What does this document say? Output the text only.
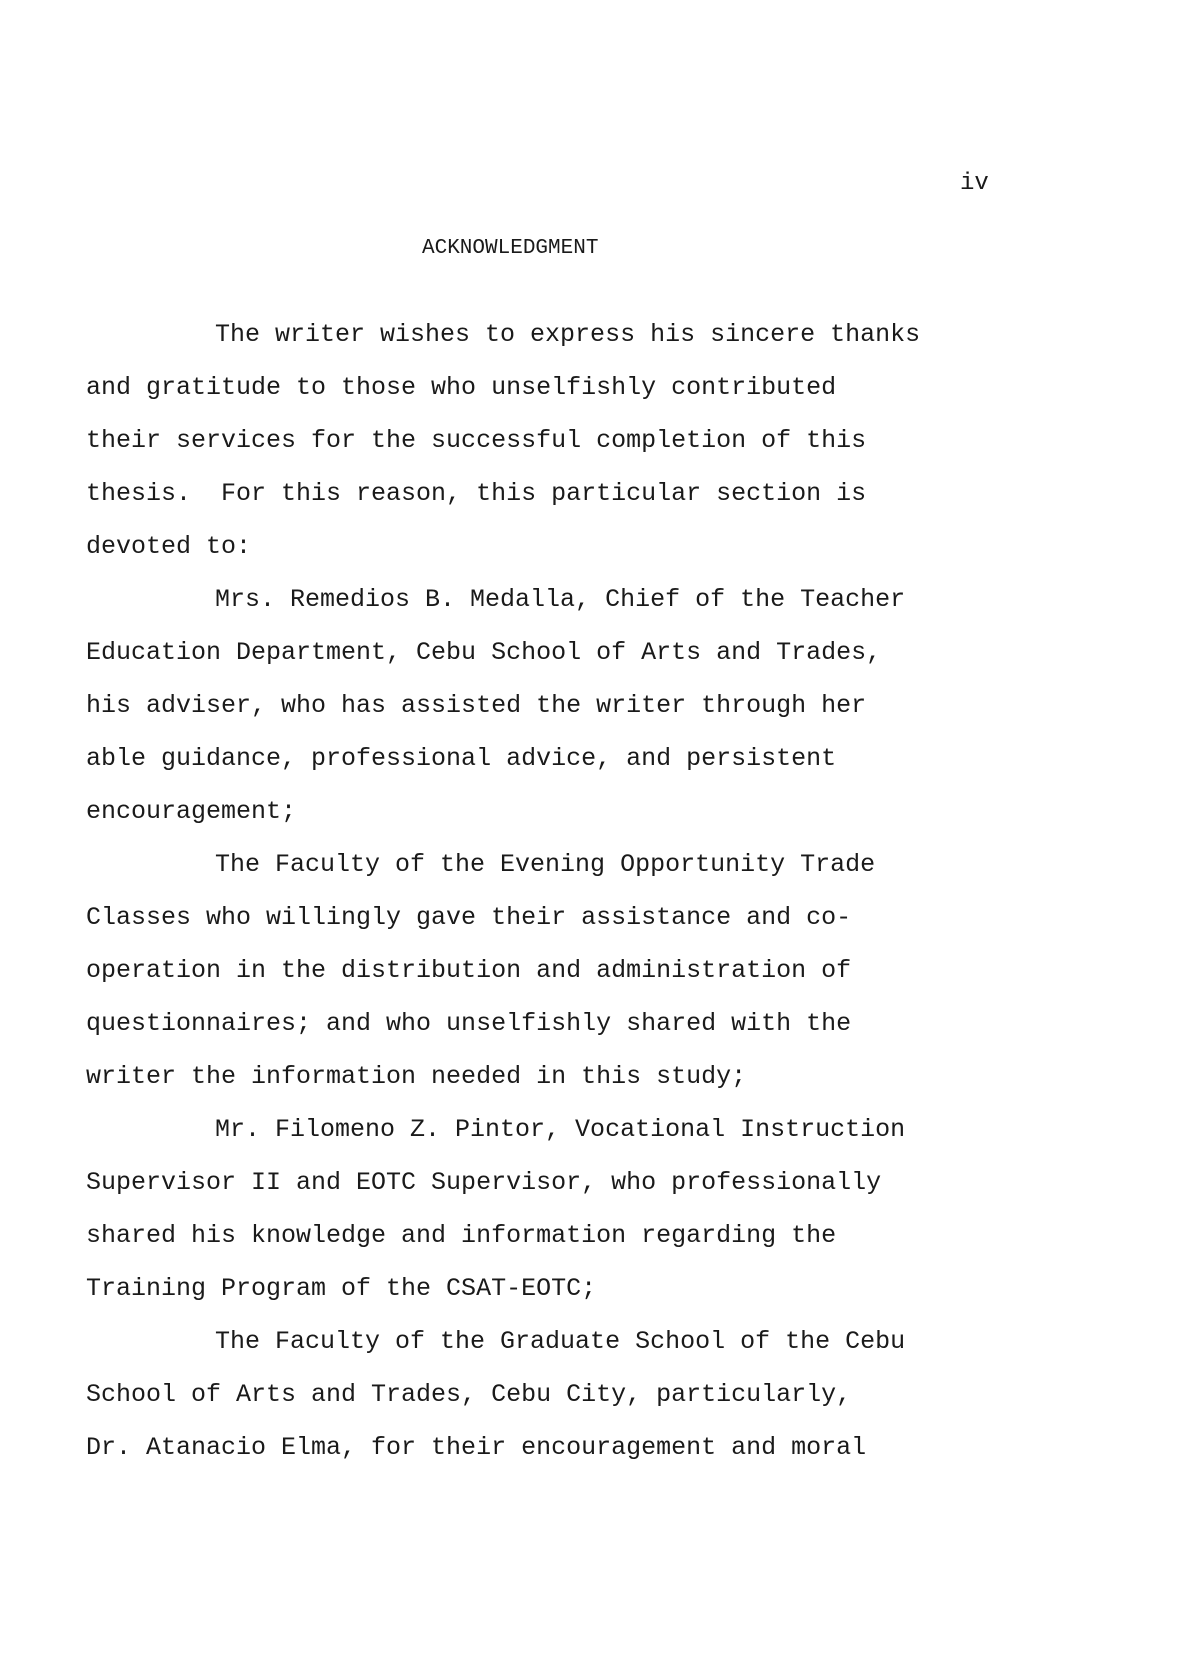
iv
ACKNOWLEDGMENT
The writer wishes to express his sincere thanks
and gratitude to those who unselfishly contributed
their services for the successful completion of this
thesis.  For this reason, this particular section is
devoted to:
Mrs. Remedios B. Medalla, Chief of the Teacher
Education Department, Cebu School of Arts and Trades,
his adviser, who has assisted the writer through her
able guidance, professional advice, and persistent
encouragement;
The Faculty of the Evening Opportunity Trade
Classes who willingly gave their assistance and co-
operation in the distribution and administration of
questionnaires; and who unselfishly shared with the
writer the information needed in this study;
Mr. Filomeno Z. Pintor, Vocational Instruction
Supervisor II and EOTC Supervisor, who professionally
shared his knowledge and information regarding the
Training Program of the CSAT-EOTC;
The Faculty of the Graduate School of the Cebu
School of Arts and Trades, Cebu City, particularly,
Dr. Atanacio Elma, for their encouragement and moral
